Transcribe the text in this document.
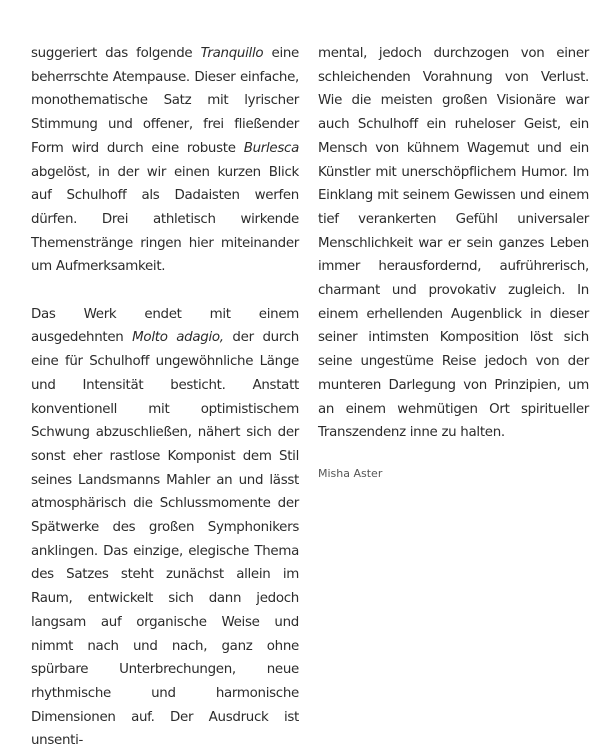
suggeriert das folgende Tranquillo eine beherrschte Atempause. Dieser einfache, monothematische Satz mit lyrischer Stimmung und offener, frei fließender Form wird durch eine robuste Burlesca abgelöst, in der wir einen kurzen Blick auf Schulhoff als Dadaisten werfen dürfen. Drei athletisch wirkende Themenstränge ringen hier miteinander um Aufmerksamkeit.

Das Werk endet mit einem ausgedehnten Molto adagio, der durch eine für Schulhoff ungewöhnliche Länge und Intensität besticht. Anstatt konventionell mit optimistischem Schwung abzuschließen, nähert sich der sonst eher rastlose Komponist dem Stil seines Landsmanns Mahler an und lässt atmosphärisch die Schlussmomente der Spätwerke des großen Symphonikers anklingen. Das einzige, elegische Thema des Satzes steht zunächst allein im Raum, entwickelt sich dann jedoch langsam auf organische Weise und nimmt nach und nach, ganz ohne spürbare Unterbrechungen, neue rhythmische und harmonische Dimensionen auf. Der Ausdruck ist unsenti-

mental, jedoch durchzogen von einer schleichenden Vorahnung von Verlust. Wie die meisten großen Visionäre war auch Schulhoff ein ruheloser Geist, ein Mensch von kühnem Wagemut und ein Künstler mit unerschöpflichem Humor. Im Einklang mit seinem Gewissen und einem tief verankerten Gefühl universaler Menschlichkeit war er sein ganzes Leben immer herausfordernd, aufrührerisch, charmant und provokativ zugleich. In einem erhellenden Augenblick in dieser seiner intimsten Komposition löst sich seine ungestüme Reise jedoch von der munteren Darlegung von Prinzipien, um an einem wehmütigen Ort spiritueller Transzendenz inne zu halten.

Misha Aster
